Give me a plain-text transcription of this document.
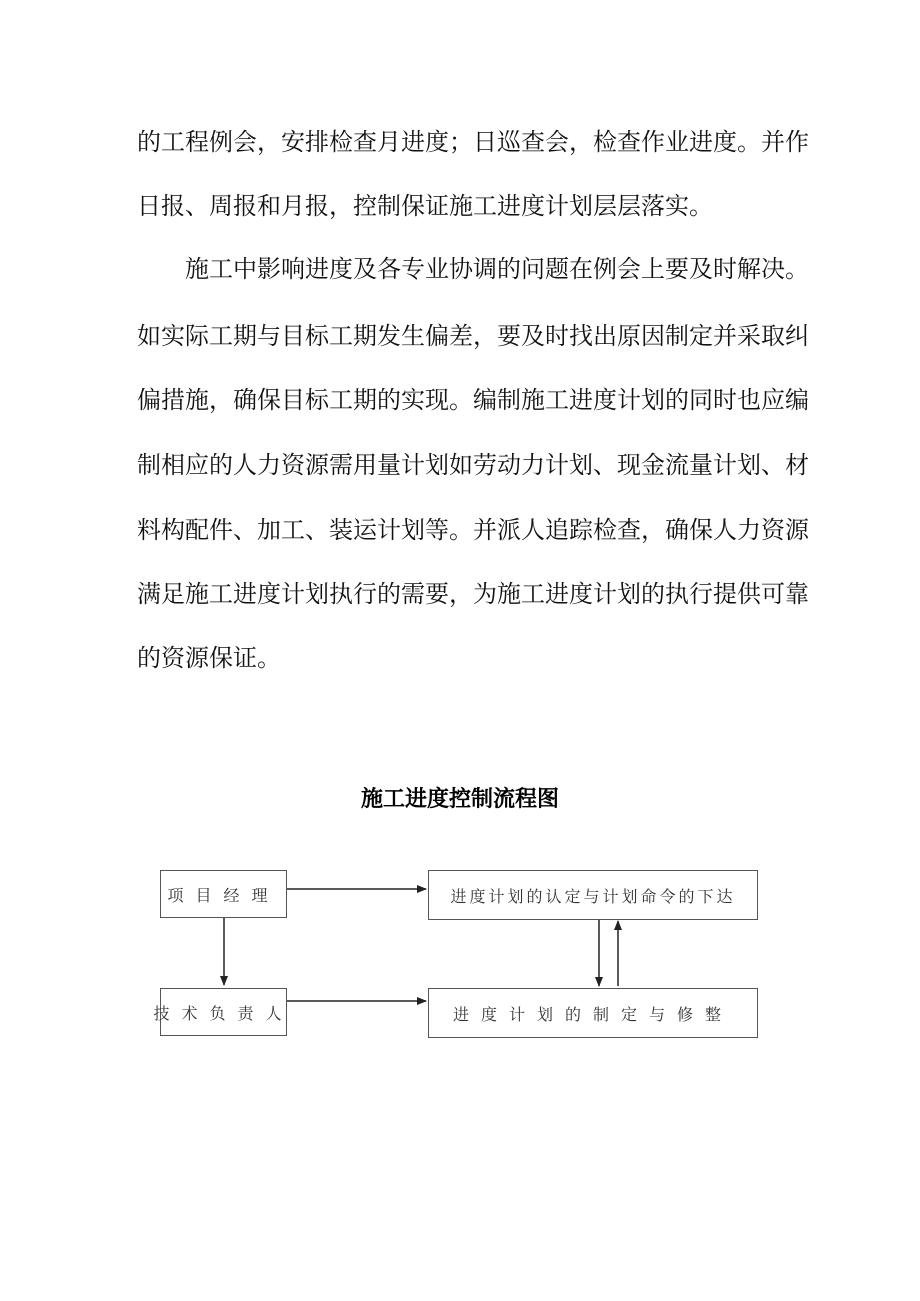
的工程例会，安排检查月进度；日巡查会，检查作业进度。并作
日报、周报和月报，控制保证施工进度计划层层落实。
　　施工中影响进度及各专业协调的问题在例会上要及时解决。
如实际工期与目标工期发生偏差，要及时找出原因制定并采取纠
偏措施，确保目标工期的实现。编制施工进度计划的同时也应编
制相应的人力资源需用量计划如劳动力计划、现金流量计划、材
料构配件、加工、装运计划等。并派人追踪检查，确保人力资源
满足施工进度计划执行的需要，为施工进度计划的执行提供可靠
的资源保证。
施工进度控制流程图
项目经理	进度计划的认定与计划命令的下达
技术负责人	进度计划的制定与修整
